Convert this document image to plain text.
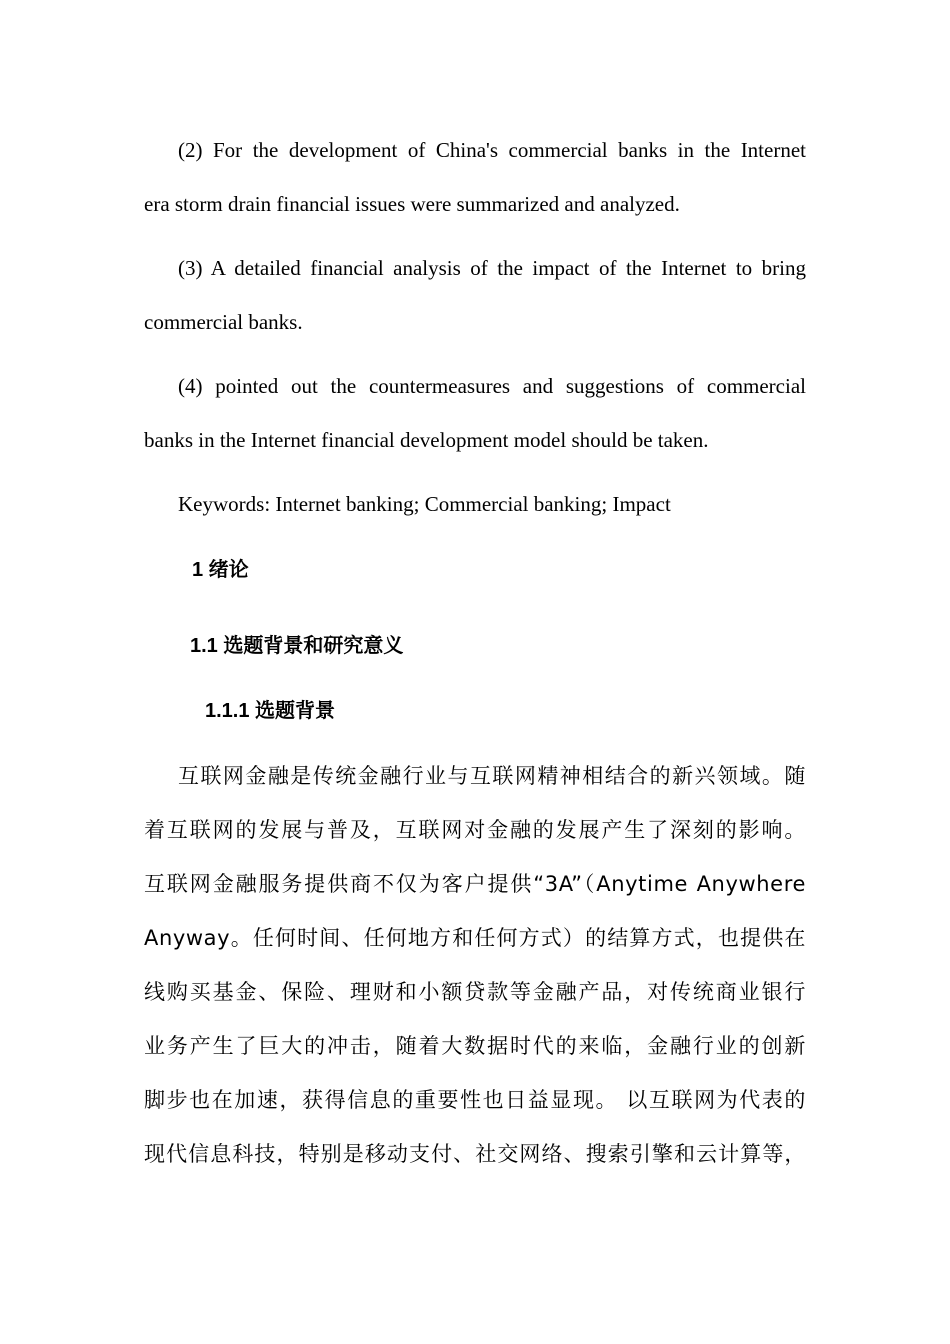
(2) For the development of China's commercial banks in the Internet
era storm drain financial issues were summarized and analyzed.
(3) A detailed financial analysis of the impact of the Internet to bring
commercial banks.
(4) pointed out the countermeasures and suggestions of commercial
banks in the Internet financial development model should be taken.
Keywords: Internet banking; Commercial banking; Impact
1 绪论
1.1 选题背景和研究意义
1.1.1 选题背景
互联网金融是传统金融行业与互联网精神相结合的新兴领域。随
着互联网的发展与普及，互联网对金融的发展产生了深刻的影响。
互联网金融服务提供商不仅为客户提供“3A”（Anytime Anywhere
Anyway。任何时间、任何地方和任何方式）的结算方式，也提供在
线购买基金、保险、理财和小额贷款等金融产品，对传统商业银行
业务产生了巨大的冲击，随着大数据时代的来临，金融行业的创新
脚步也在加速，获得信息的重要性也日益显现。 以互联网为代表的
现代信息科技，特别是移动支付、社交网络、搜索引擎和云计算等，
